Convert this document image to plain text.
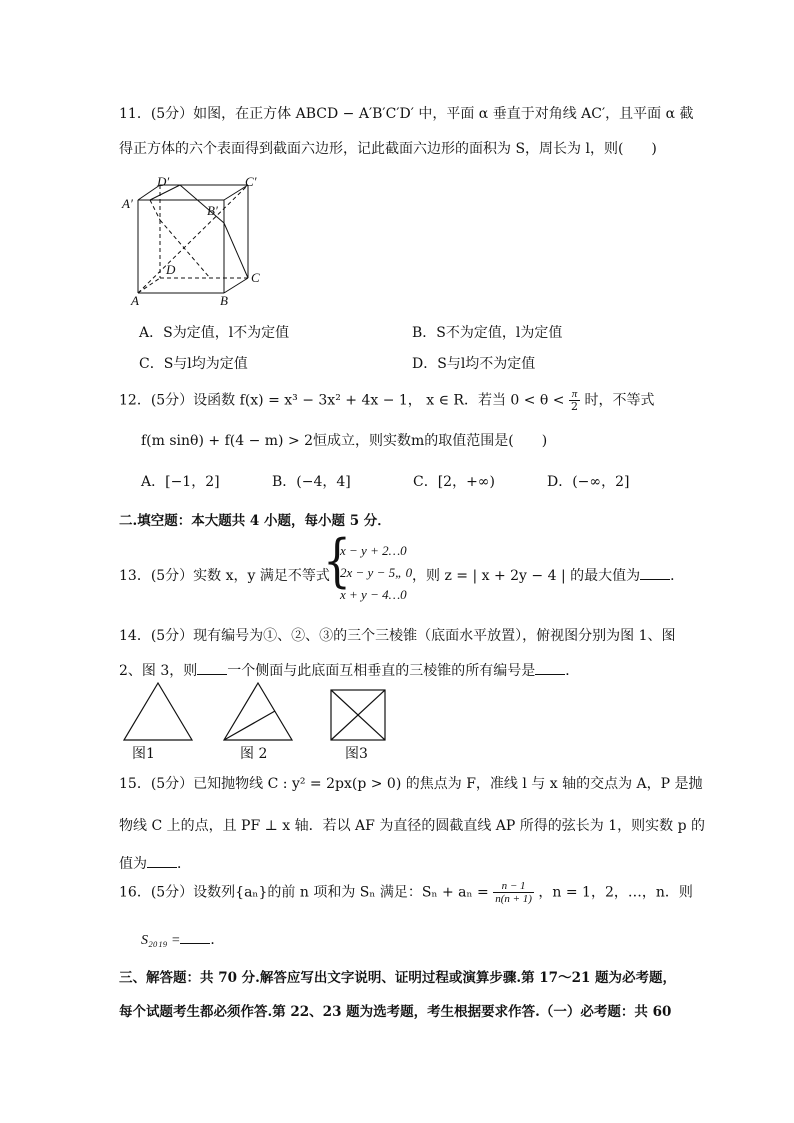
11．(5分）如图，在正方体 ABCD − A′B′C′D′ 中，平面 α 垂直于对角线 AC′，且平面 α 截
得正方体的六个表面得到截面六边形，记此截面六边形的面积为 S，周长为 l，则(　　)
D′	C′
A′	B′
D
C
A	B
A．S为定值，l不为定值	B．S不为定值，l为定值
C．S与l均为定值	D．S与l均不为定值
12．(5分）设函数 f(x) = x³ − 3x² + 4x − 1， x ∈ R．若当 $0 < \theta < \frac{\pi}{2}$ 时，不等式
f(m sinθ) + f(4 − m) > 2恒成立，则实数m的取值范围是(　　)
A．[−1，2]	B．(−4，4]	C．[2，+∞)	D．(−∞，2]
二.填空题：本大题共 4 小题，每小题 5 分．
13．(5分）实数 x，y 满足不等式
{
x − y + 2…0
2x − y − 5„ 0
x + y − 4…0
，则 z = | x + 2y − 4 | 的最大值为 ．
14．(5分）现有编号为①、②、③的三个三棱锥（底面水平放置），俯视图分别为图 1、图
2、图 3，则 一个侧面与此底面互相垂直的三棱锥的所有编号是 ．
图1	图 2	图3
15．(5分）已知抛物线 C : y² = 2px(p > 0) 的焦点为 F，准线 l 与 x 轴的交点为 A，P 是抛
物线 C 上的点，且 PF ⊥ x 轴．若以 AF 为直径的圆截直线 AP 所得的弦长为 1，则实数 p 的
值为 ．
16．(5分）设数列{aₙ}的前 n 项和为 Sₙ 满足：$S_n + a_n = \frac{n - 1}{n(n + 1)}$ ，n = 1，2，…，n．则
S₂₀₁₉ = ．
三、解答题：共 70 分.解答应写出文字说明、证明过程或演算步骤.第 17～21 题为必考题，
每个试题考生都必须作答.第 22、23 题为选考题，考生根据要求作答.（一）必考题：共 60
